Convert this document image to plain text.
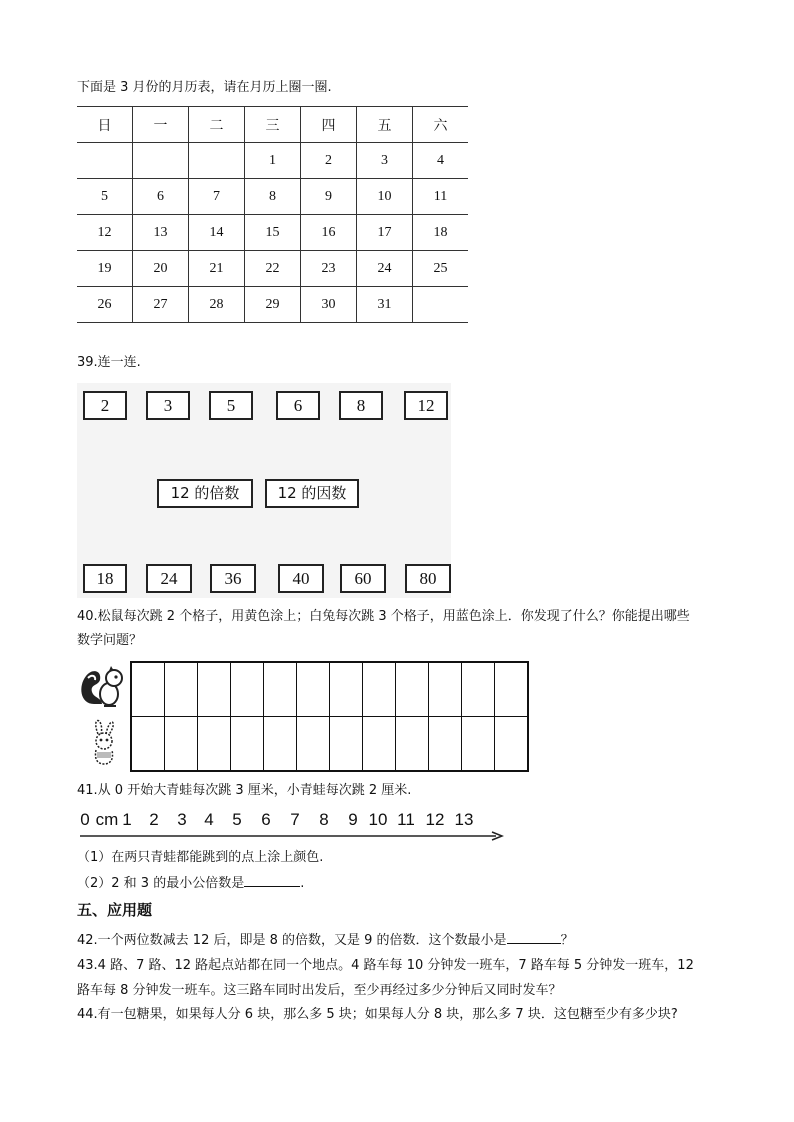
下面是 3 月份的月历表，请在月历上圈一圈.
日	一	二	三	四	五	六
			1	2	3	4
5	6	7	8	9	10	11
12	13	14	15	16	17	18
19	20	21	22	23	24	25
26	27	28	29	30	31	
39.连一连.
2	3	5	6	8	12
12 的倍数	12 的因数
18	24	36	40	60	80
40.松鼠每次跳 2 个格子，用黄色涂上；白兔每次跳 3 个格子，用蓝色涂上．你发现了什么？你能提出哪些
数学问题？

41.从 0 开始大青蛙每次跳 3 厘米，小青蛙每次跳 2 厘米.
0 cm 1 2 3 4 5 6 7 8 9 10 11 12 13
（1）在两只青蛙都能跳到的点上涂上颜色.
（2）2 和 3 的最小公倍数是	.
五、应用题
42.一个两位数减去 12 后，即是 8 的倍数，又是 9 的倍数．这个数最小是	？
43.4 路、7 路、12 路起点站都在同一个地点。4 路车每 10 分钟发一班车，7 路车每 5 分钟发一班车，12
路车每 8 分钟发一班车。这三路车同时出发后，至少再经过多少分钟后又同时发车？
44.有一包糖果，如果每人分 6 块，那么多 5 块；如果每人分 8 块，那么多 7 块．这包糖至少有多少块?
